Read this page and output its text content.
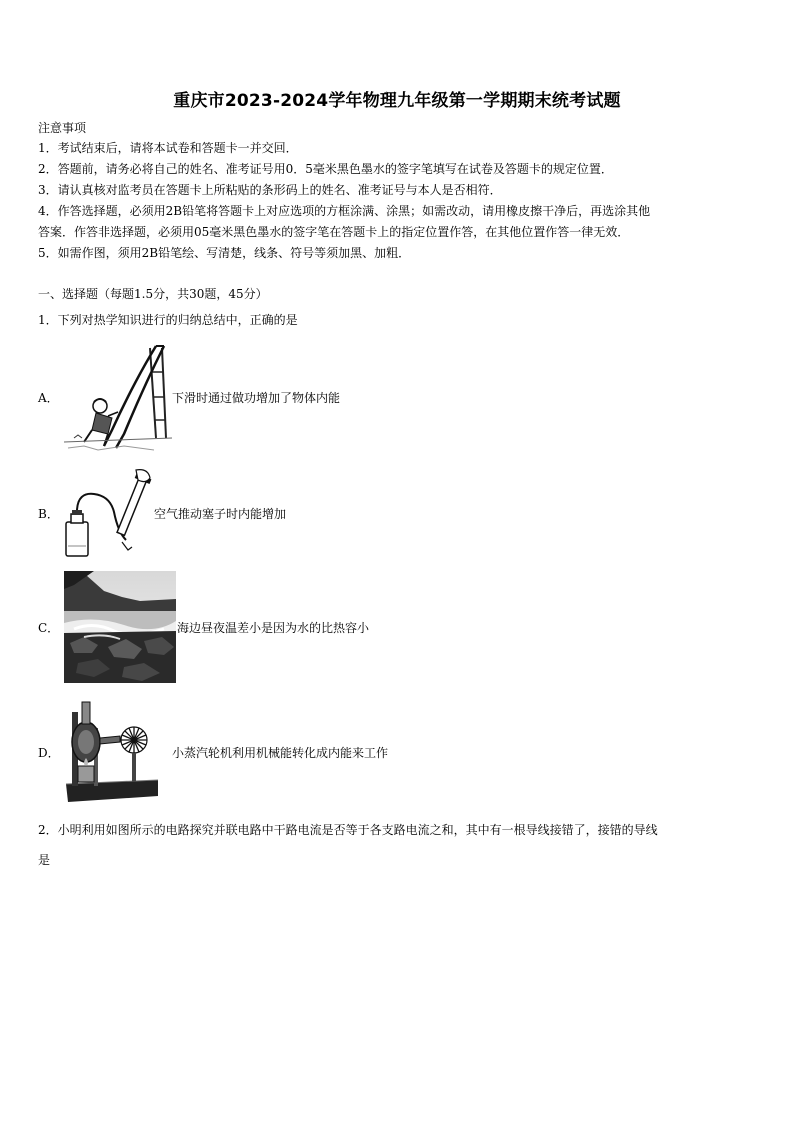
重庆市2023-2024学年物理九年级第一学期期末统考试题
注意事项
1．考试结束后，请将本试卷和答题卡一并交回．
2．答题前，请务必将自己的姓名、准考证号用0．5毫米黑色墨水的签字笔填写在试卷及答题卡的规定位置．
3．请认真核对监考员在答题卡上所粘贴的条形码上的姓名、准考证号与本人是否相符．
4．作答选择题，必须用2B铅笔将答题卡上对应选项的方框涂满、涂黑；如需改动，请用橡皮擦干净后，再选涂其他
答案．作答非选择题，必须用05毫米黑色墨水的签字笔在答题卡上的指定位置作答，在其他位置作答一律无效．
5．如需作图，须用2B铅笔绘、写清楚，线条、符号等须加黑、加粗．
一、选择题（每题1.5分，共30题，45分）
1．下列对热学知识进行的归纳总结中，正确的是
A．	下滑时通过做功增加了物体内能
B．	空气推动塞子时内能增加
C．	海边昼夜温差小是因为水的比热容小
D．	小蒸汽轮机利用机械能转化成内能来工作
2．小明利用如图所示的电路探究并联电路中干路电流是否等于各支路电流之和，其中有一根导线接错了，接错的导线
是
